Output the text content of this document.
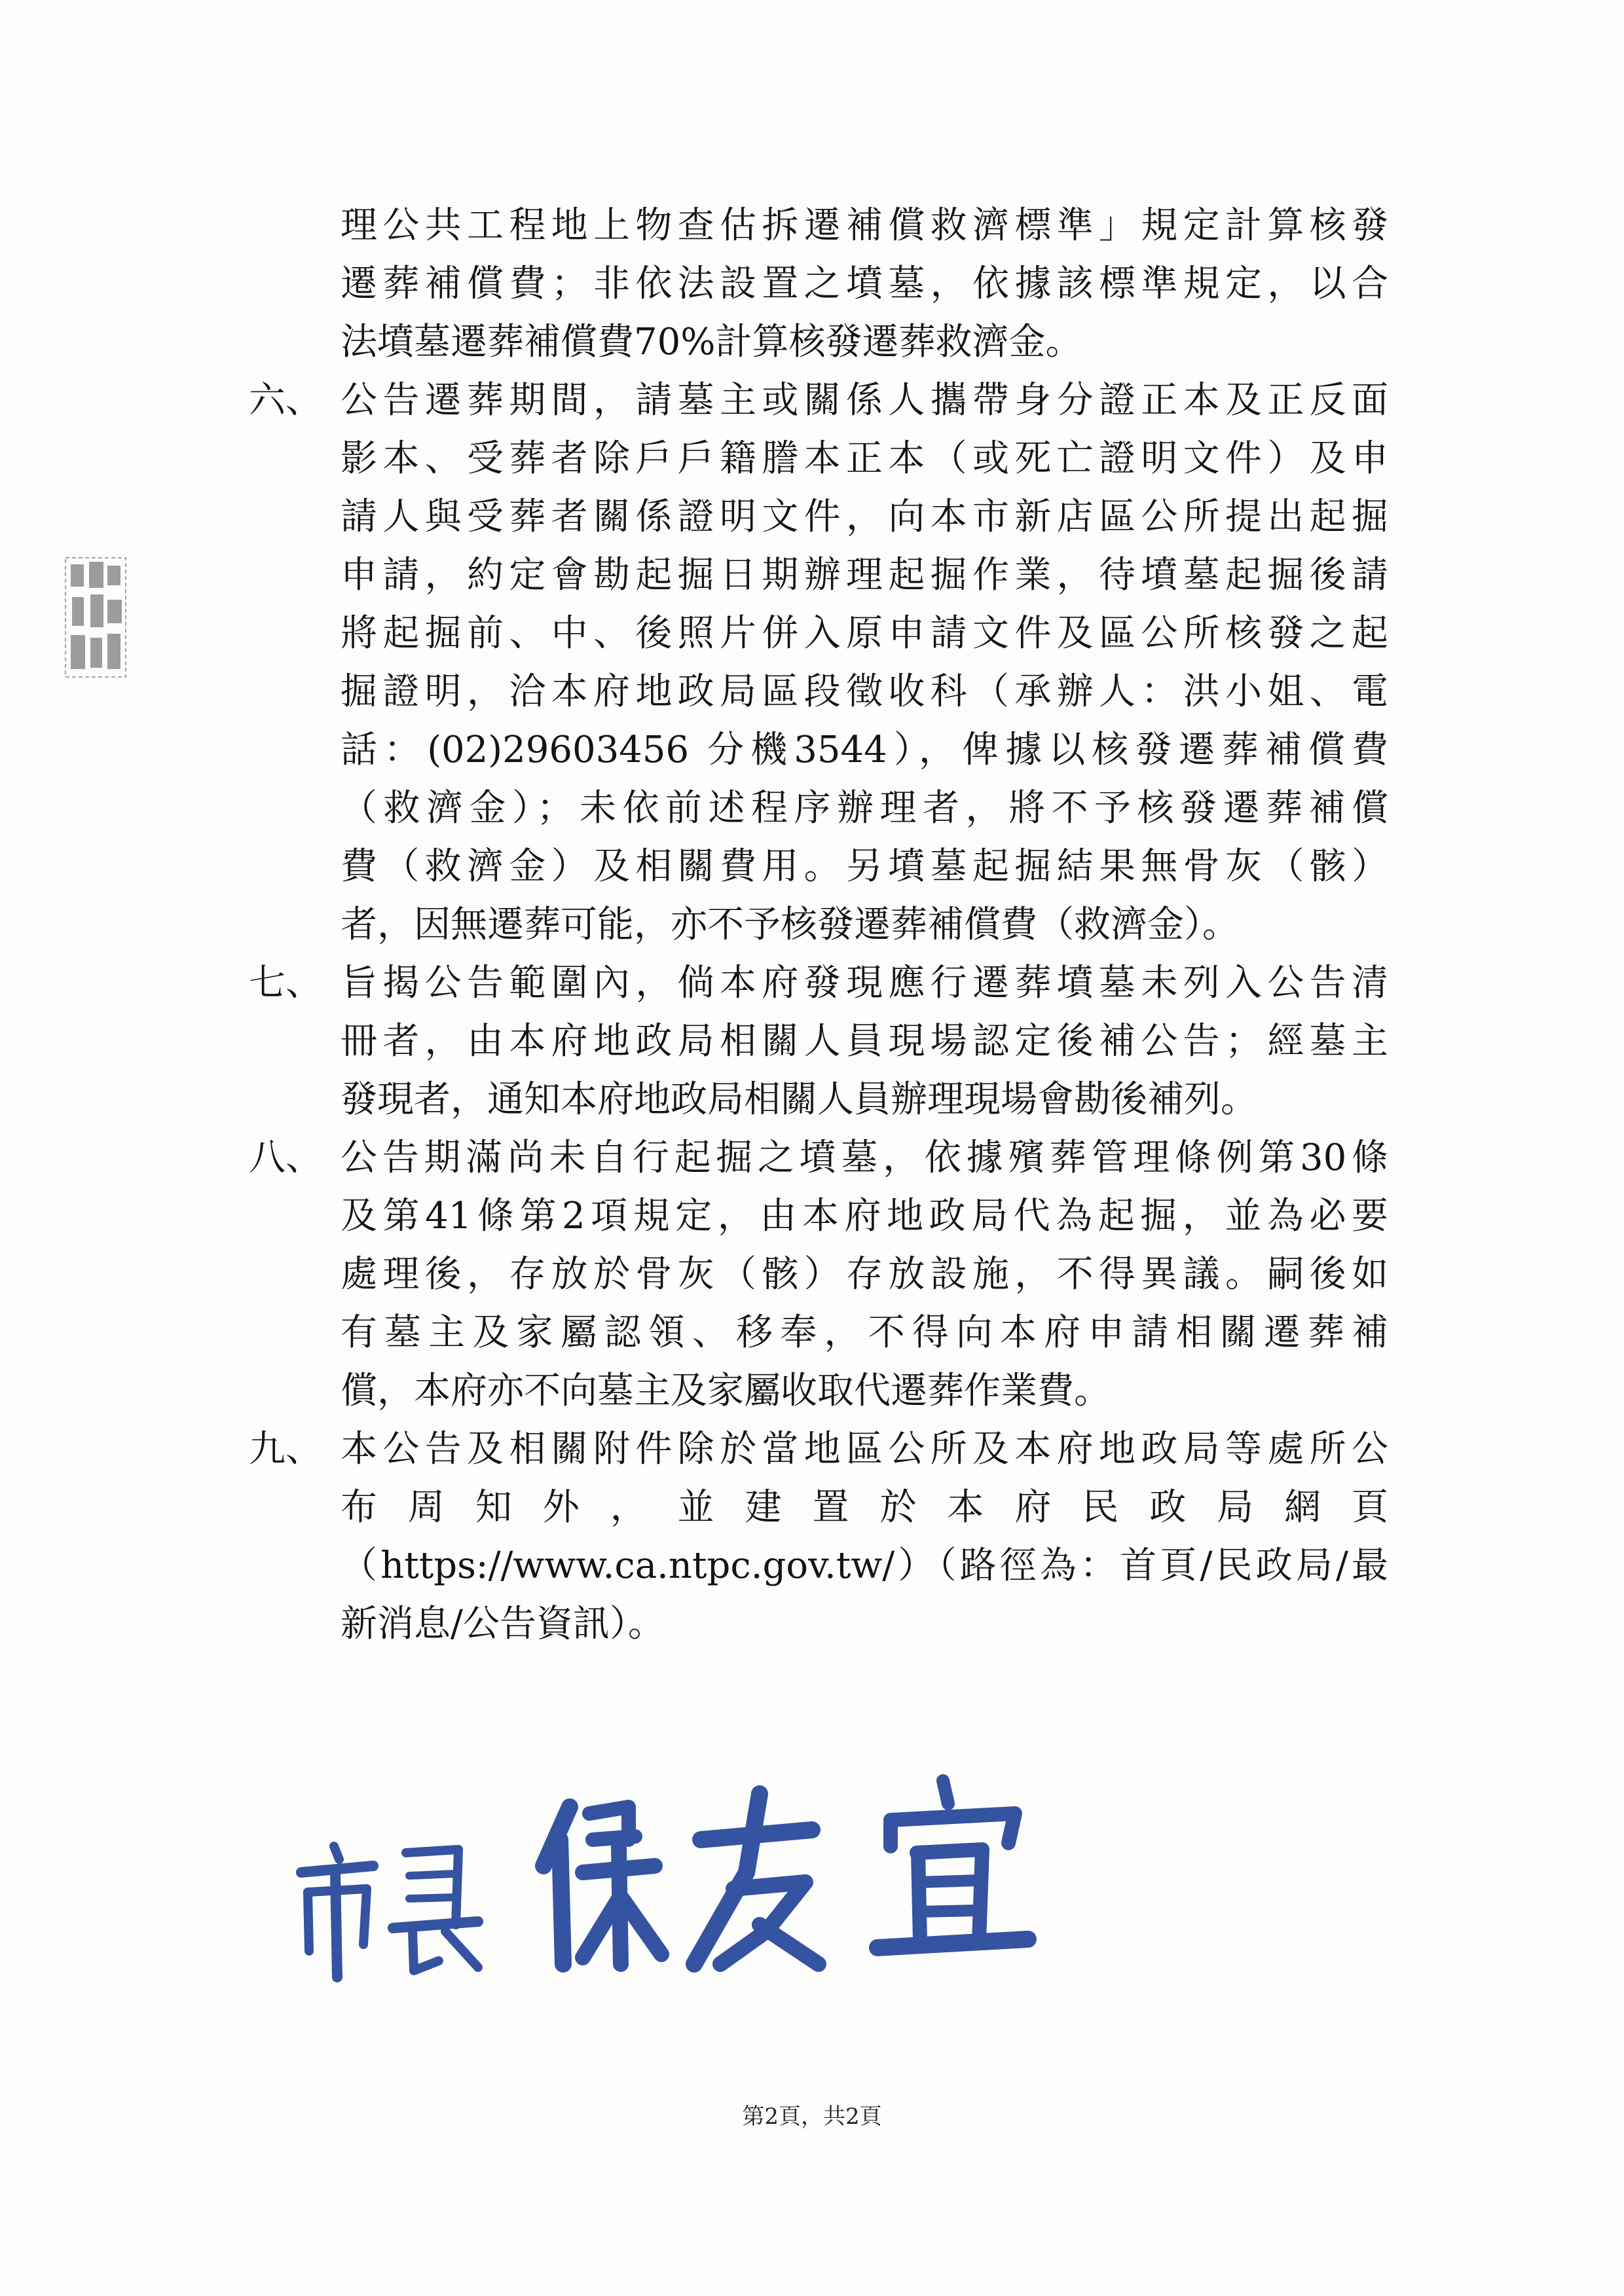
理公共工程地上物查估拆遷補償救濟標準」規定計算核發
遷葬補償費；非依法設置之墳墓，依據該標準規定，以合
法墳墓遷葬補償費70%計算核發遷葬救濟金。
六、 公告遷葬期間，請墓主或關係人攜帶身分證正本及正反面
影本、受葬者除戶戶籍謄本正本（或死亡證明文件）及申
請人與受葬者關係證明文件，向本市新店區公所提出起掘
申請，約定會勘起掘日期辦理起掘作業，待墳墓起掘後請
將起掘前、中、後照片併入原申請文件及區公所核發之起
掘證明，洽本府地政局區段徵收科（承辦人：洪小姐、電
話：(02)29603456 分機3544），俾據以核發遷葬補償費
（救濟金）；未依前述程序辦理者，將不予核發遷葬補償
費（救濟金）及相關費用。另墳墓起掘結果無骨灰（骸）
者，因無遷葬可能，亦不予核發遷葬補償費（救濟金）。
七、 旨揭公告範圍內，倘本府發現應行遷葬墳墓未列入公告清
冊者，由本府地政局相關人員現場認定後補公告；經墓主
發現者，通知本府地政局相關人員辦理現場會勘後補列。
八、 公告期滿尚未自行起掘之墳墓，依據殯葬管理條例第30條
及第41條第2項規定，由本府地政局代為起掘，並為必要
處理後，存放於骨灰（骸）存放設施，不得異議。嗣後如
有墓主及家屬認領、移奉，不得向本府申請相關遷葬補
償，本府亦不向墓主及家屬收取代遷葬作業費。
九、 本公告及相關附件除於當地區公所及本府地政局等處所公
布周知外，並建置於本府民政局網頁
（https://www.ca.ntpc.gov.tw/）（路徑為：首頁/民政局/最
新消息/公告資訊）。
第2頁，共2頁
